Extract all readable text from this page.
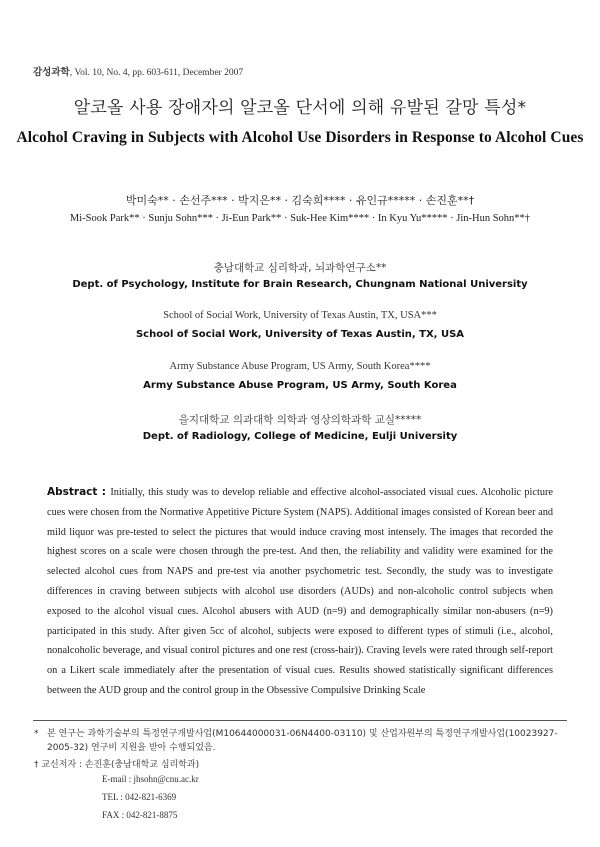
감성과학, Vol. 10, No. 4, pp. 603-611, December 2007
알코올 사용 장애자의 알코올 단서에 의해 유발된 갈망 특성*
Alcohol Craving in Subjects with Alcohol Use Disorders in Response to Alcohol Cues
박미숙** · 손선주*** · 박지은** · 김숙희**** · 유인규***** · 손진훈**†
Mi-Sook Park** · Sunju Sohn*** · Ji-Eun Park** · Suk-Hee Kim**** · In Kyu Yu***** · Jin-Hun Sohn**†
충남대학교 심리학과, 뇌과학연구소**
Dept. of Psychology, Institute for Brain Research, Chungnam National University
School of Social Work, University of Texas Austin, TX, USA***
School of Social Work, University of Texas Austin, TX, USA
Army Substance Abuse Program, US Army, South Korea****
Army Substance Abuse Program, US Army, South Korea
을지대학교 의과대학 의학과 영상의학과학 교실*****
Dept. of Radiology, College of Medicine, Eulji University
Abstract : Initially, this study was to develop reliable and effective alcohol-associated visual cues. Alcoholic picture cues were chosen from the Normative Appetitive Picture System (NAPS). Additional images consisted of Korean beer and mild liquor was pre-tested to select the pictures that would induce craving most intensely. The images that recorded the highest scores on a scale were chosen through the pre-test. And then, the reliability and validity were examined for the selected alcohol cues from NAPS and pre-test via another psychometric test. Secondly, the study was to investigate differences in craving between subjects with alcohol use disorders (AUDs) and non-alcoholic control subjects when exposed to the alcohol visual cues. Alcohol abusers with AUD (n=9) and demographically similar non-abusers (n=9) participated in this study. After given 5cc of alcohol, subjects were exposed to different types of stimuli (i.e., alcohol, nonalcoholic beverage, and visual control pictures and one rest (cross-hair)). Craving levels were rated through self-report on a Likert scale immediately after the presentation of visual cues. Results showed statistically significant differences between the AUD group and the control group in the Obsessive Compulsive Drinking Scale
* 본 연구는 과학기술부의 특정연구개발사업(M10644000031-06N4400-03110) 및 산업자원부의 특정연구개발사업(10023927-2005-32) 연구비 지원을 받아 수행되었음.
† 교신저자 : 손진훈(충남대학교 심리학과)
E-mail : jhsohn@cnu.ac.kr
TEL : 042-821-6369
FAX : 042-821-8875
